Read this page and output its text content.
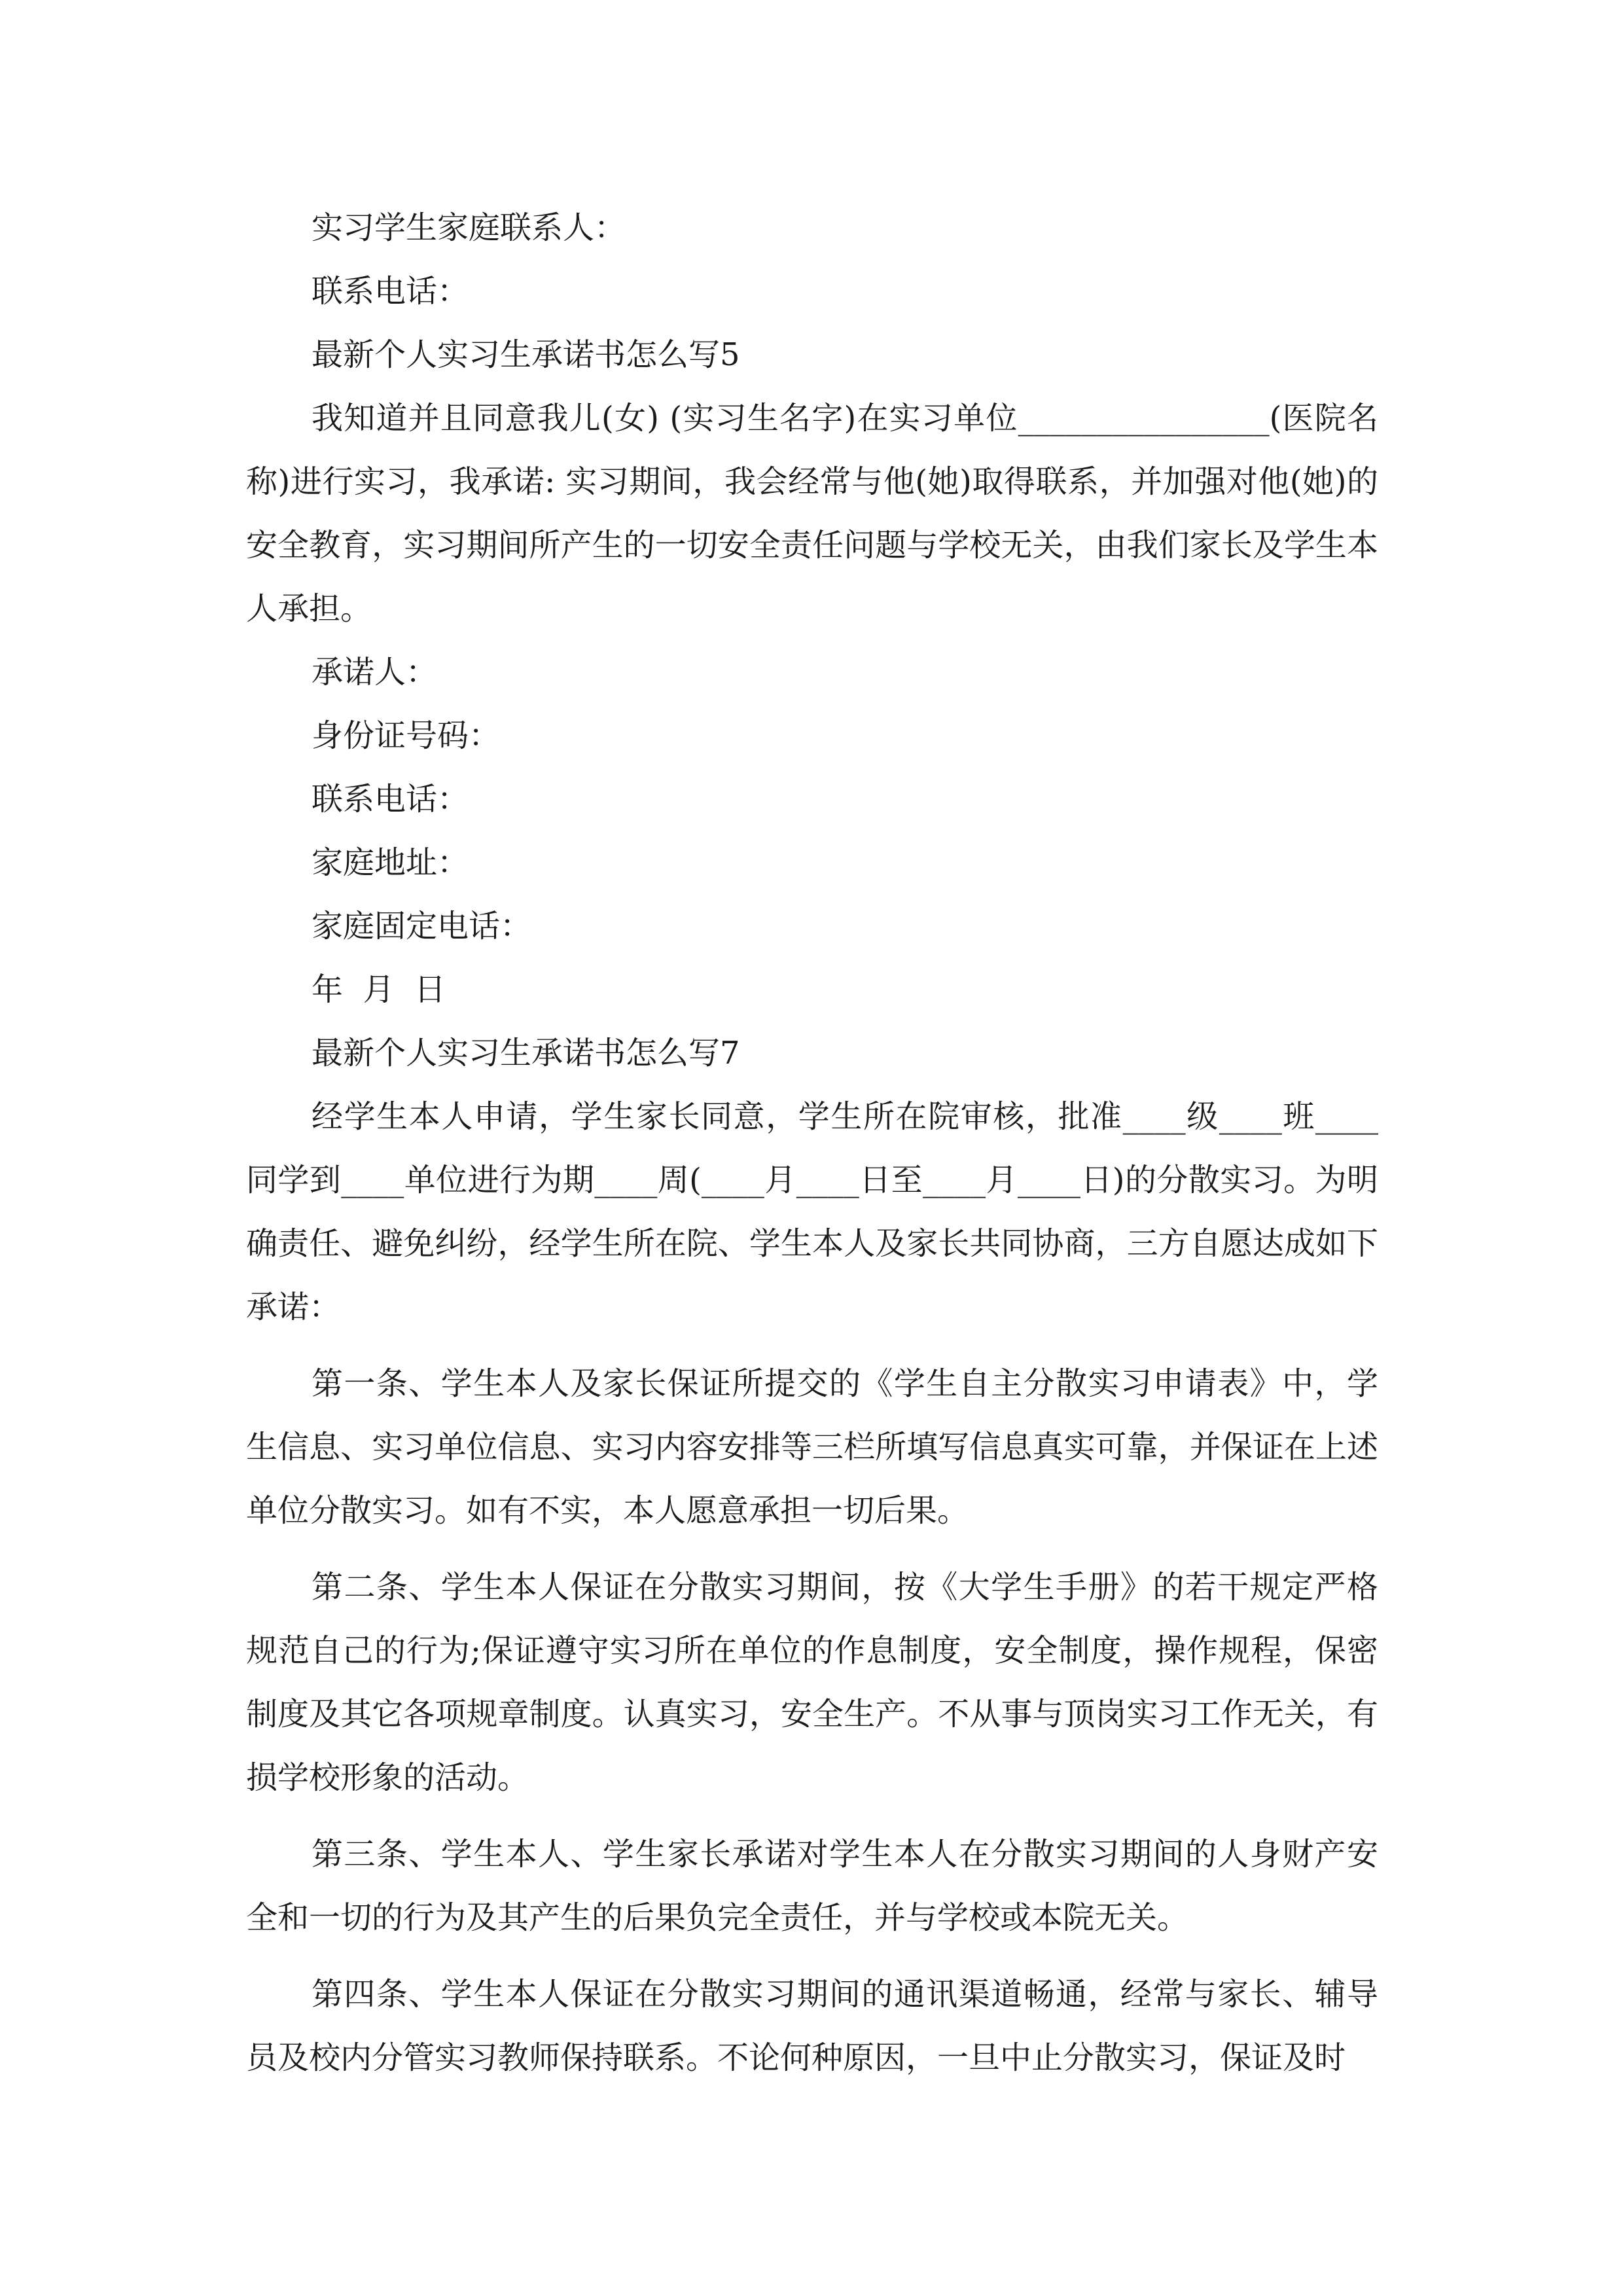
实习学生家庭联系人：

联系电话：

最新个人实习生承诺书怎么写5

我知道并且同意我儿(女) (实习生名字)在实习单位________________(医院名称)进行实习，我承诺: 实习期间，我会经常与他(她)取得联系，并加强对他(她)的安全教育，实习期间所产生的一切安全责任问题与学校无关，由我们家长及学生本人承担。

承诺人：

身份证号码：

联系电话：

家庭地址：

家庭固定电话：

年  月  日

最新个人实习生承诺书怎么写7

经学生本人申请，学生家长同意，学生所在院审核，批准____级____班____同学到____单位进行为期____周(____月____日至____月____日)的分散实习。为明确责任、避免纠纷，经学生所在院、学生本人及家长共同协商，三方自愿达成如下承诺：

第一条、学生本人及家长保证所提交的《学生自主分散实习申请表》中，学生信息、实习单位信息、实习内容安排等三栏所填写信息真实可靠，并保证在上述单位分散实习。如有不实，本人愿意承担一切后果。

第二条、学生本人保证在分散实习期间，按《大学生手册》的若干规定严格规范自己的行为;保证遵守实习所在单位的作息制度，安全制度，操作规程，保密制度及其它各项规章制度。认真实习，安全生产。不从事与顶岗实习工作无关，有损学校形象的活动。

第三条、学生本人、学生家长承诺对学生本人在分散实习期间的人身财产安全和一切的行为及其产生的后果负完全责任，并与学校或本院无关。

第四条、学生本人保证在分散实习期间的通讯渠道畅通，经常与家长、辅导员及校内分管实习教师保持联系。不论何种原因，一旦中止分散实习，保证及时
